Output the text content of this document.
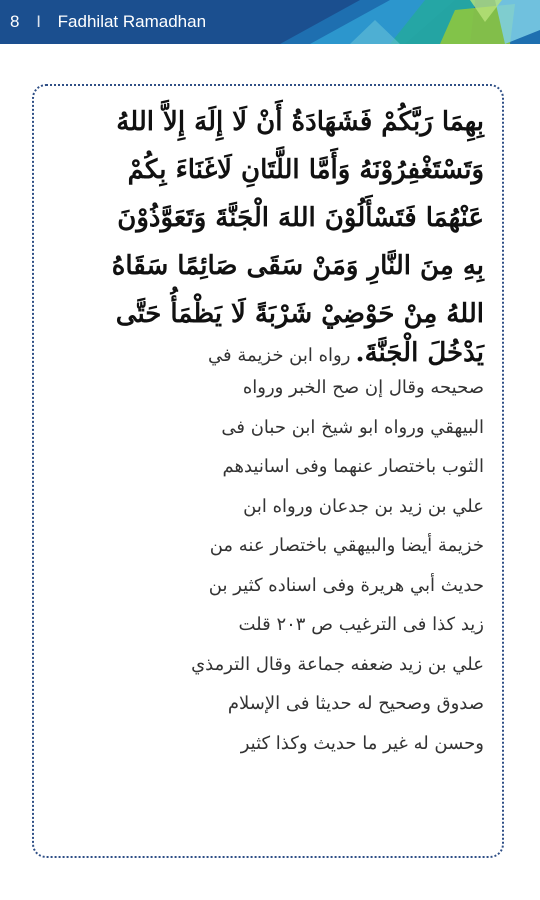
8 I Fadhilat Ramadhan
بِهِمَا رَبَّكُمْ فَشَهَادَةُ أَنْ لَا إِلَهَ إِلاَّ اللهُ
وَتَسْتَغْفِرُوْنَهُ وَأَمَّا اللَّتَانِ لَاغَنَاءَ بِكُمْ
عَنْهُمَا فَتَسْأَلُوْنَ اللهَ الْجَنَّةَ وَتَعَوَّذُوْنَ
بِهِ مِنَ النَّارِ وَمَنْ سَقَى صَائِمًا سَقَاهُ
اللهُ مِنْ حَوْضِيْ شَرْبَةً لَا يَظْمَأُ حَتَّى
يَدْخُلَ الْجَنَّةَ. رواه ابن خزيمة في
صحيحه وقال إن صح الخبر ورواه
البيهقي ورواه ابو شيخ ابن حبان فى
الثوب باختصار عنهما وفى اسانيدهم
علي بن زيد بن جدعان ورواه ابن
خزيمة أيضا والبيهقي باختصار عنه من
حديث أبي هريرة وفى اسناده كثير بن
زيد كذا فى الترغيب ص ٢٠٣ قلت
علي بن زيد ضعفه جماعة وقال الترمذي
صدوق وصحيح له حديثا فى الإسلام
وحسن له غير ما حديث وكذا كثير
